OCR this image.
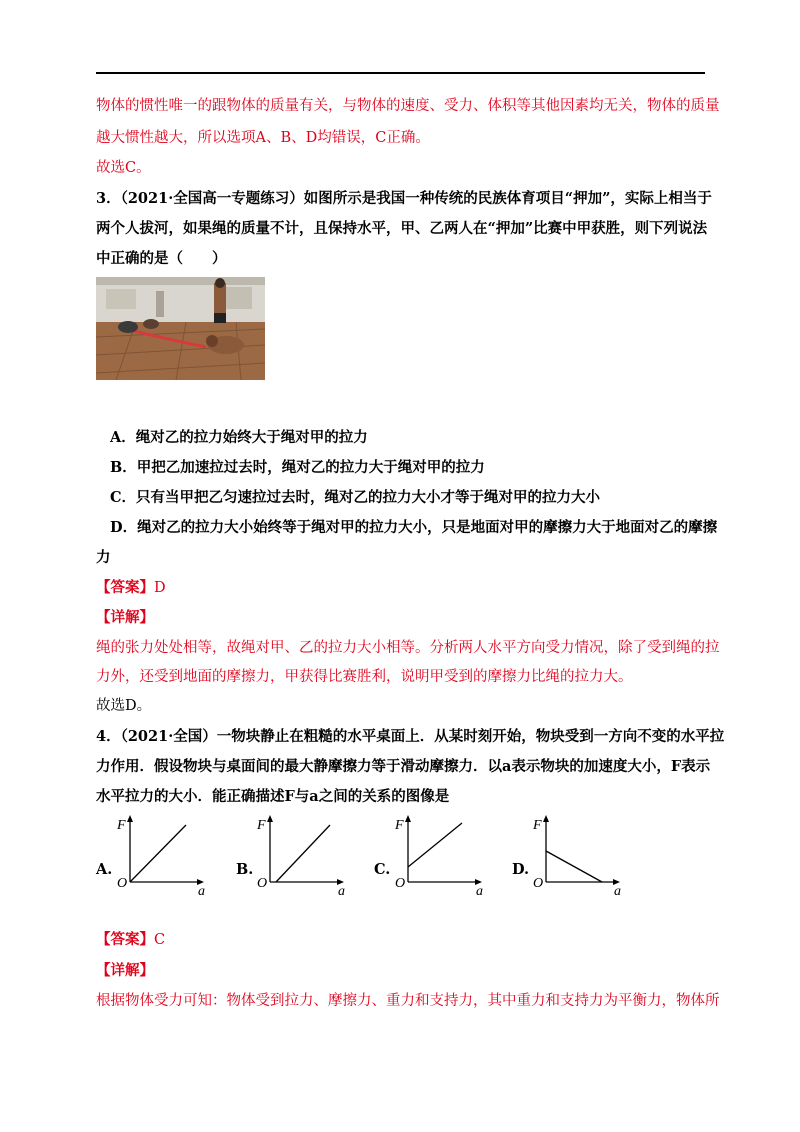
物体的惯性唯一的跟物体的质量有关，与物体的速度、受力、体积等其他因素均无关，物体的质量
越大惯性越大，所以选项A、B、D均错误，C正确。
故选C。
3．（2021·全国高一专题练习）如图所示是我国一种传统的民族体育项目“押加”，实际上相当于
两个人拔河，如果绳的质量不计，且保持水平，甲、乙两人在“押加”比赛中甲获胜，则下列说法
中正确的是（　　）
A．绳对乙的拉力始终大于绳对甲的拉力
B．甲把乙加速拉过去时，绳对乙的拉力大于绳对甲的拉力
C．只有当甲把乙匀速拉过去时，绳对乙的拉力大小才等于绳对甲的拉力大小
D．绳对乙的拉力大小始终等于绳对甲的拉力大小，只是地面对甲的摩擦力大于地面对乙的摩擦
力
【答案】D
【详解】
绳的张力处处相等，故绳对甲、乙的拉力大小相等。分析两人水平方向受力情况，除了受到绳的拉
力外，还受到地面的摩擦力，甲获得比赛胜利，说明甲受到的摩擦力比绳的拉力大。
故选D。
4．（2021·全国）一物块静止在粗糙的水平桌面上．从某时刻开始，物块受到一方向不变的水平拉
力作用．假设物块与桌面间的最大静摩擦力等于滑动摩擦力．以a表示物块的加速度大小，F表示
水平拉力的大小．能正确描述F与a之间的关系的图像是
A.
F
O
a
B.
F
O
a
C.
F
O
a
D.
F
O
a
【答案】C
【详解】
根据物体受力可知：物体受到拉力、摩擦力、重力和支持力，其中重力和支持力为平衡力，物体所
